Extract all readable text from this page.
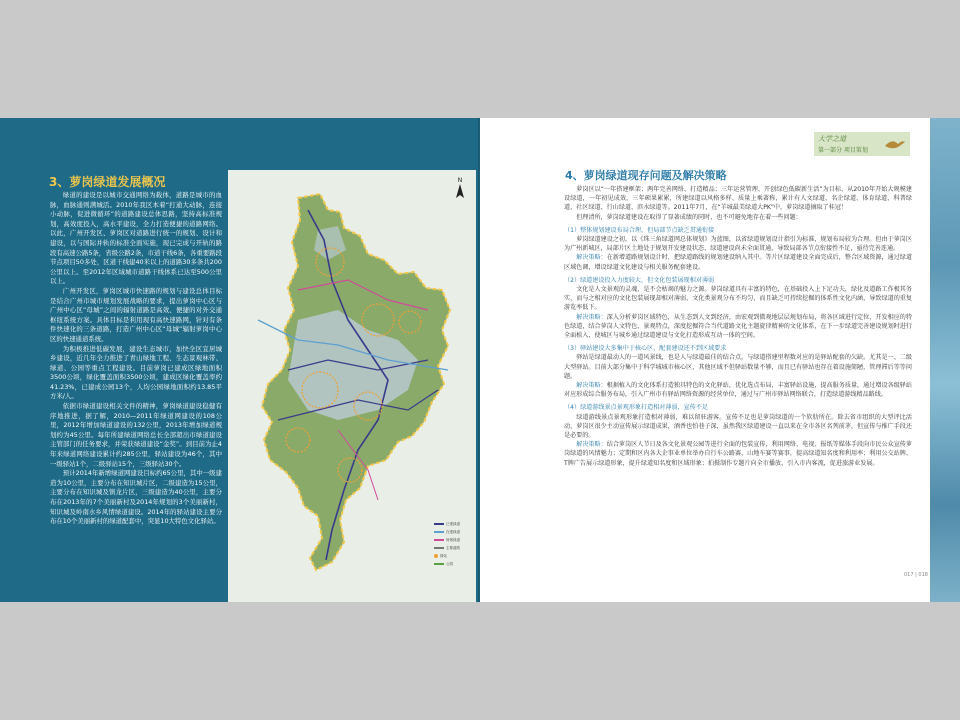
3、萝岗绿道发展概况

绿道的建设是以城市交通网络为载体，道路是城市的血脉，血脉通则满城活。2010年我区本着“打通大动脉，连接小动脉，促进微循环”的道路建设总体思路，坚持高标准规划，高效度投入，高水平建设，全力打造便捷的道路网络。以此，广州开发区、萝岗区对道路进行统一的规划、设计和建设，以与国际并轨的标准全面实施，现已完成与开轨的路段有高速公路5条，省级公路2条，市道干线6条，各重要路段节点项目50多处，区道干线建40米以上的道路30多条共200公里以上。至2012年区域城市道路干线体系已达至500公里以上。

广州开发区，萝岗区城市快速路的规划与建设总体目标是结合广州市城市规划发展战略的要求，提出萝岗中心区与广州中心区“母城”之间的辐射道路是高效、便捷的对外交通枢纽系统方案。具体目标是利用现有高快速路网，针对有条件快速化的三条道路，打造广州中心区“母城”辐射萝岗中心区的快速通道系统。

为积极推进低碳发展，建设生态城市，加快全区宜居城乡建设，近几年全力推进了青山绿地工程、生态景观林带、绿道、公园等重点工程建设。目前萝岗已建成区绿地面积3500公顷，绿化覆盖面积3500公顷，建成区绿化覆盖率约41.23%，已建成公园13个，人均公园绿地面积约13.85平方米/人。

依据市绿道建设相关文件的精神，萝岗绿道建设稳健有序地推进，据了解，2010—2011年绿道网建设的108公里，2012年增加绿道建设的132公里，2013年增加绿道规划约为45公里。每年所建绿道网络总长全部超出市绿道建设主管部门的任务要求，并荣获绿道建设“金奖”。到目前为止4年来绿道网络建设累计约285公里，驿站建设为46个，其中一级驿站1个，二级驿站15个，三级驿站30个。

预计2014年新增绿道网建设目标约65公里，其中一级建造为10公里，主要分布在知识城片区，二级建造为15公里，主要分布在知识城及镇龙片区，三级建造为40公里，主要分布在2013年的7个美丽新村及2014年规划的3个美丽新村，知识城及岭南水乡风情绿道建设。2014年的驿站建设主要分布在10个美丽新村的绿道配套中，突显10大特色文化驿站。

N
已建绿道
在建绿道
规划绿道
主要道路
驿站
公园
大学之道
第一部分 项目策划
4、萝岗绿道现存问题及解决策略

萝岗区以“一年搭建框架；两年完善网络、打造精品；三年运营管理、开创绿色低碳新生活”为目标，从2010年开始大规模建设绿道，一年初见成效，三年硕果累累，所建绿道以风格多样、质量上乘著称，累计有人文绿道、名企绿道、体育绿道、科普绿道、社区绿道、行山绿道、滨水绿道等。2011年7月，在“羊城最美绿道大PK”中，萝岗绿道摘取了桂冠！

但理清所，萝岗绿道建设在取得了显著成绩的同时，也不可避免地存在着一些问题：

（1）整体规划建设布局合理，但局部节点缺乏贯通衔接

萝岗绿道建设之初，以《珠三角绿道网总体规划》为蓝图，以省绿道规划设计指引为标准，规划布局较为合理。但由于萝岗区为广州新城区，局部片区土地处于规划开发建设状态，绿道建设尚未全面贯通，导致局部各节点衔接性不足，亟待完善连通。

解决策略：在新增道路规划设计时，把绿道路线的规划建设纳入其中。等片区绿道建设全面完成后，整合区域资源，通过绿道区域色调，增设绿道文化建设与相关服务配套建设。

（2）绿道建设投入力度较大，但文化包装展现相对薄弱

文化是人文景观的灵魂，是不会枯竭的魅力之源。萝岗绿道具有丰富的特色，在基础投入上下足功夫，绿化及道路工作极其务实，而与之相对应的文化包装展现却相对薄弱，文化类景观分布不均匀，而且缺乏可持续挖掘的体系性文化内涵，导致绿道的重复游览率低下。

解决策略：深入分析萝岗区域特色，从生态到人文到经济，由宏观到微观地层层规划布局，将各区域进行定位，开发相应的特色绿道，结合萝岗人文特色、景观特点，深度挖掘符合当代道路文化主题旋律精神的文化体系，在下一步绿道完善建设规划时进行全面植入，使城区与城乡通过绿道建设与文化打造形成互动一体的空间。

（3）驿站建设大多集中于核心区，配套建设还不到区域要求

驿站是绿道最动人的一道风景线，也是人与绿道最佳的结合点，与绿道搭建里程数对应的是驿站配套的欠缺。尤其是一、二级大型驿站。目前大部分集中于科学城城市核心区，其他区域不但驿站数量不够，而且已有驿站也存在着设施简陋，管理滞后等等问题。

解决策略：根据植入的文化体系打造独具特色的文化驿站，优化选点布局，丰富驿站设施，提高服务质量，通过增设各级驿站对应形成综合服务布局，引入广州市有驿站网络资源的经营单位，通过与广州市驿站网络联合，打造绿道游线精品路线。

（4）绿道游线景点景观形象打造相对薄弱，宣传不足

绿道游线景点景观形象打造相对薄弱，难以留驻游客。宣传不足也是萝岗绿道的一个软肋所在。除去省市组织的大型评比活动，萝岗区很少主动宣传展示绿道成果，酒香也怕巷子深，虽然我区绿道建设一直以来在全市各区名列前茅，但宣传与推广手段还是必要的。

解决策略：结合萝岗区人节日及各文化景观公园等进行全面的包装宣传，利用网络、电视、报纸等媒体手段向市民公众宣传萝岗绿道的风情魅力；定期和区内各大企事业单位举办自行车公路赛、山地车赛等赛事，提高绿道知名度和利用率；利用公交站牌、T牌广告展示绿道形象，提升绿道知名度和区域形象；拍摄制作专题片向全市播放、引入市内客流，促进旅游业发展。

017 | 018
